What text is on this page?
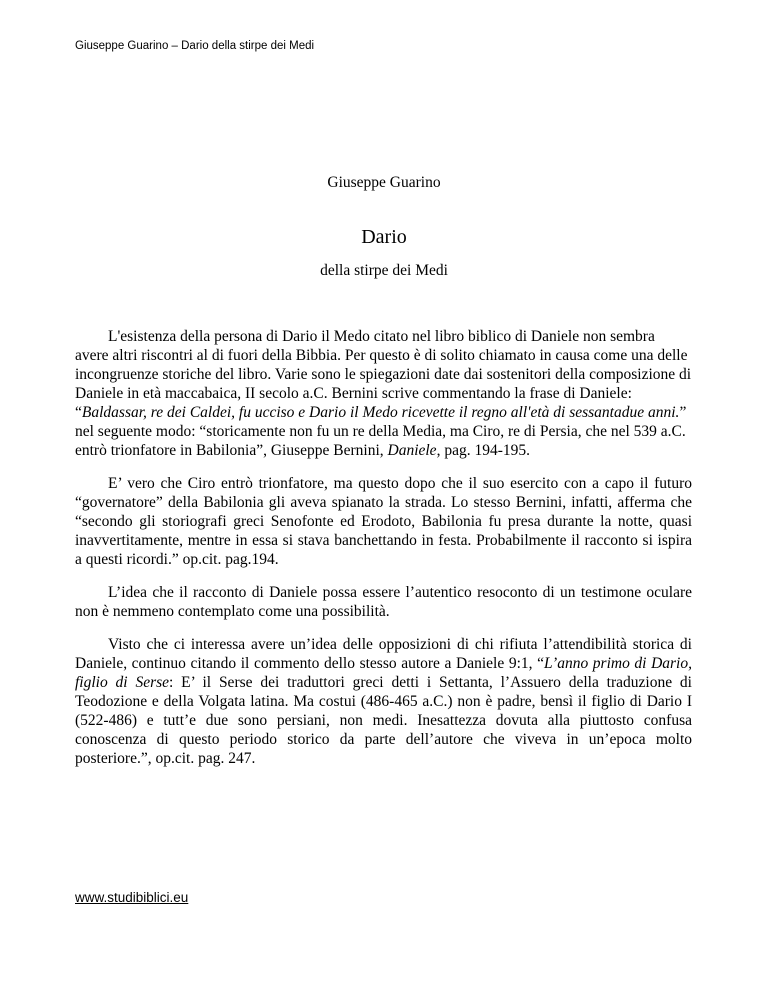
Giuseppe Guarino – Dario della stirpe dei Medi
Giuseppe Guarino
Dario
della stirpe dei Medi

L'esistenza della persona di Dario il Medo citato nel libro biblico di Daniele non sembra avere altri riscontri al di fuori della Bibbia. Per questo è di solito chiamato in causa come una delle incongruenze storiche del libro. Varie sono le spiegazioni date dai sostenitori della composizione di Daniele in età maccabaica, II secolo a.C. Bernini scrive commentando la frase di Daniele: “Baldassar, re dei Caldei, fu ucciso e Dario il Medo ricevette il regno all'età di sessantadue anni.” nel seguente modo: “storicamente non fu un re della Media, ma Ciro, re di Persia, che nel 539 a.C. entrò trionfatore in Babilonia”, Giuseppe Bernini, Daniele, pag. 194-195.

E’ vero che Ciro entrò trionfatore, ma questo dopo che il suo esercito con a capo il futuro “governatore” della Babilonia gli aveva spianato la strada. Lo stesso Bernini, infatti, afferma che “secondo gli storiografi greci Senofonte ed Erodoto, Babilonia fu presa durante la notte, quasi inavvertitamente, mentre in essa si stava banchettando in festa. Probabilmente il racconto si ispira a questi ricordi.” op.cit. pag.194.

L’idea che il racconto di Daniele possa essere l’autentico resoconto di un testimone oculare non è nemmeno contemplato come una possibilità.

Visto che ci interessa avere un’idea delle opposizioni di chi rifiuta l’attendibilità storica di Daniele, continuo citando il commento dello stesso autore a Daniele 9:1, “L’anno primo di Dario, figlio di Serse: E’ il Serse dei traduttori greci detti i Settanta, l’Assuero della traduzione di Teodozione e della Volgata latina. Ma costui (486-465 a.C.) non è padre, bensì il figlio di Dario I (522-486) e tutt’e due sono persiani, non medi. Inesattezza dovuta alla piuttosto confusa conoscenza di questo periodo storico da parte dell’autore che viveva in un’epoca molto posteriore.”, op.cit. pag. 247.

www.studibiblici.eu
